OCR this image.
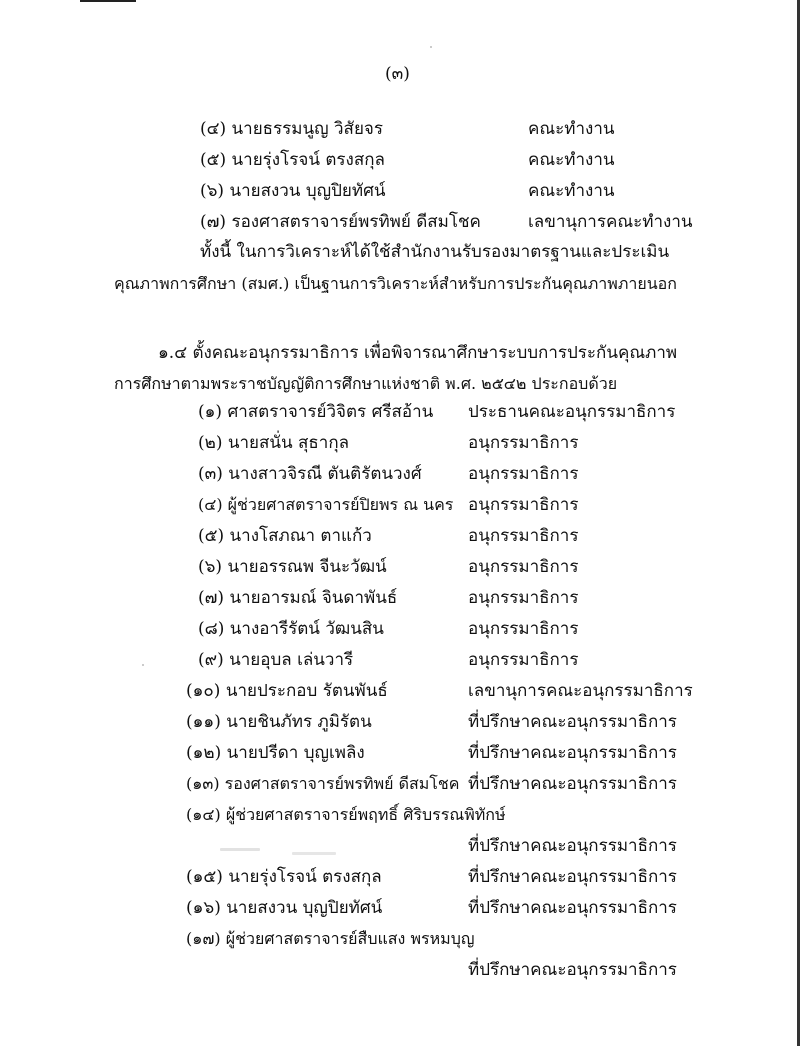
(๓)
(๔) นายธรรมนูญ วิสัยจร	คณะทำงาน
(๕) นายรุ่งโรจน์ ตรงสกุล	คณะทำงาน
(๖) นายสงวน บุญปิยทัศน์	คณะทำงาน
(๗) รองศาสตราจารย์พรทิพย์ ดีสมโชค	เลขานุการคณะทำงาน
ทั้งนี้ ในการวิเคราะห์ได้ใช้สำนักงานรับรองมาตรฐานและประเมิน
คุณภาพการศึกษา (สมศ.) เป็นฐานการวิเคราะห์สำหรับการประกันคุณภาพภายนอก
๑.๔ ตั้งคณะอนุกรรมาธิการ เพื่อพิจารณาศึกษาระบบการประกันคุณภาพ
การศึกษาตามพระราชบัญญัติการศึกษาแห่งชาติ พ.ศ. ๒๕๔๒ ประกอบด้วย
(๑) ศาสตราจารย์วิจิตร ศรีสอ้าน ประธานคณะอนุกรรมาธิการ
(๒) นายสนั่น สุธากุล	อนุกรรมาธิการ
(๓) นางสาวจิรณี ตันติรัตนวงศ์	อนุกรรมาธิการ
(๔) ผู้ช่วยศาสตราจารย์ปิยพร ณ นคร อนุกรรมาธิการ
(๕) นางโสภณา ตาแก้ว	อนุกรรมาธิการ
(๖) นายอรรณพ จีนะวัฒน์	อนุกรรมาธิการ
(๗) นายอารมณ์ จินดาพันธ์	อนุกรรมาธิการ
(๘) นางอารีรัตน์ วัฒนสิน	อนุกรรมาธิการ
(๙) นายอุบล เล่นวารี	อนุกรรมาธิการ
(๑๐) นายประกอบ รัตนพันธ์	เลขานุการคณะอนุกรรมาธิการ
(๑๑) นายชินภัทร ภูมิรัตน	ที่ปรึกษาคณะอนุกรรมาธิการ
(๑๒) นายปรีดา บุญเพลิง	ที่ปรึกษาคณะอนุกรรมาธิการ
(๑๓) รองศาสตราจารย์พรทิพย์ ดีสมโชค ที่ปรึกษาคณะอนุกรรมาธิการ
(๑๔) ผู้ช่วยศาสตราจารย์พฤทธิ์ ศิริบรรณพิทักษ์
ที่ปรึกษาคณะอนุกรรมาธิการ
(๑๕) นายรุ่งโรจน์ ตรงสกุล	ที่ปรึกษาคณะอนุกรรมาธิการ
(๑๖) นายสงวน บุญปิยทัศน์	ที่ปรึกษาคณะอนุกรรมาธิการ
(๑๗) ผู้ช่วยศาสตราจารย์สืบแสง พรหมบุญ
ที่ปรึกษาคณะอนุกรรมาธิการ
